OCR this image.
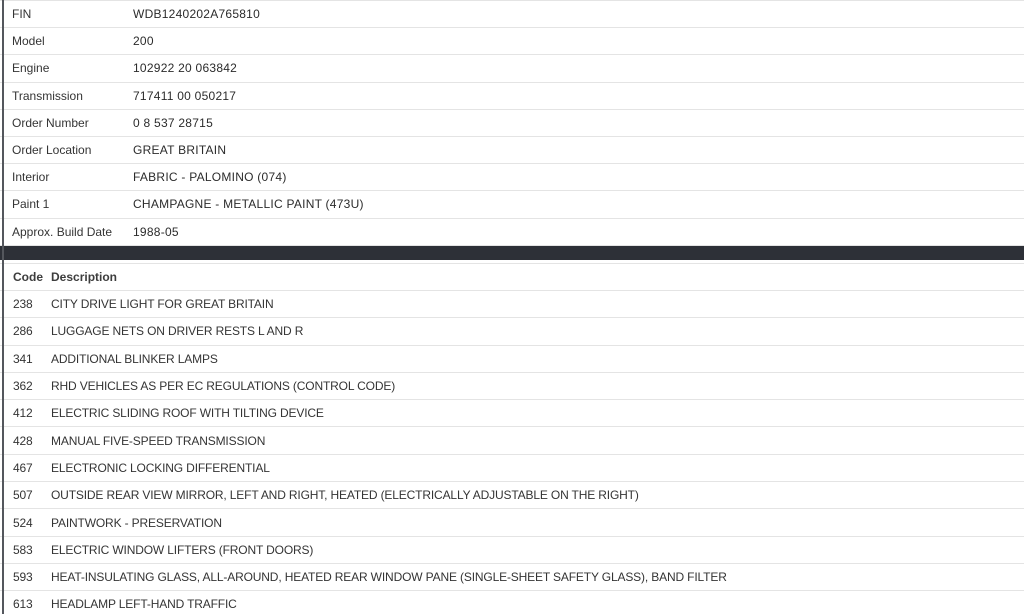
FIN	WDB1240202A765810
Model	200
Engine	102922 20 063842
Transmission	717411 00 050217
Order Number	0 8 537 28715
Order Location	GREAT BRITAIN
Interior	FABRIC - PALOMINO (074)
Paint 1	CHAMPAGNE - METALLIC PAINT (473U)
Approx. Build Date	1988-05
Code Description
238	CITY DRIVE LIGHT FOR GREAT BRITAIN
286	LUGGAGE NETS ON DRIVER RESTS L AND R
341	ADDITIONAL BLINKER LAMPS
362	RHD VEHICLES AS PER EC REGULATIONS (CONTROL CODE)
412	ELECTRIC SLIDING ROOF WITH TILTING DEVICE
428	MANUAL FIVE-SPEED TRANSMISSION
467	ELECTRONIC LOCKING DIFFERENTIAL
507	OUTSIDE REAR VIEW MIRROR, LEFT AND RIGHT, HEATED (ELECTRICALLY ADJUSTABLE ON THE RIGHT)
524	PAINTWORK - PRESERVATION
583	ELECTRIC WINDOW LIFTERS (FRONT DOORS)
593	HEAT-INSULATING GLASS, ALL-AROUND, HEATED REAR WINDOW PANE (SINGLE-SHEET SAFETY GLASS), BAND FILTER
613	HEADLAMP LEFT-HAND TRAFFIC
